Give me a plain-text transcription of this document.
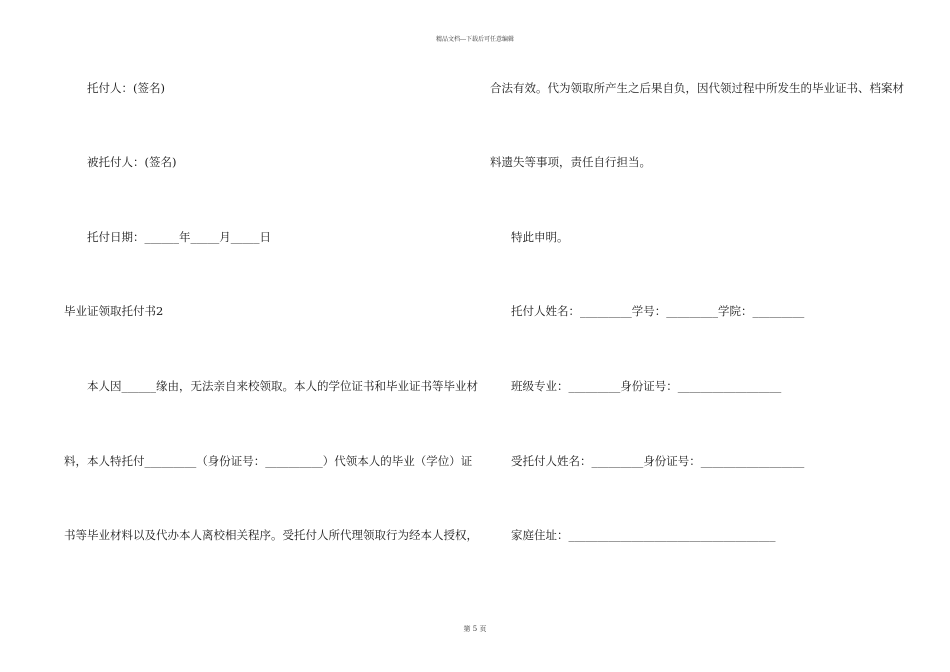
精品文档---下载后可任意编辑
托付人：(签名)
被托付人：(签名)
托付日期：______年_____月_____日
毕业证领取托付书2
本人因______缘由，无法亲自来校领取。本人的学位证书和毕业证书等毕业材
料，本人特托付_________（身份证号：__________）代领本人的毕业（学位）证
书等毕业材料以及代办本人离校相关程序。受托付人所代理领取行为经本人授权，
合法有效。代为领取所产生之后果自负，因代领过程中所发生的毕业证书、档案材
料遗失等事项，责任自行担当。
特此申明。
托付人姓名：_________学号：_________学院：_________
班级专业：_________身份证号：__________________
受托付人姓名：_________身份证号：__________________
家庭住址：____________________________________
第 5 页
